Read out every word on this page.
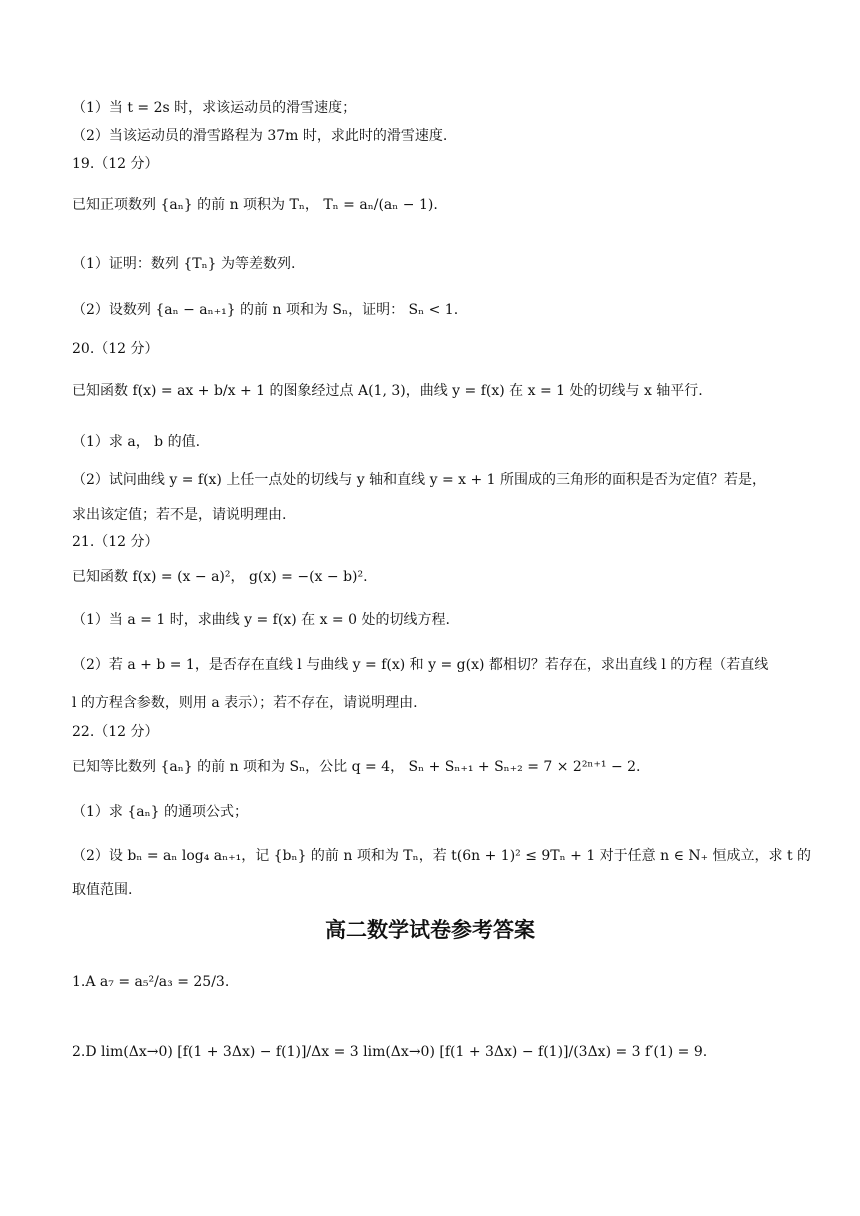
（1）当 t = 2s 时，求该运动员的滑雪速度；
（2）当该运动员的滑雪路程为 37m 时，求此时的滑雪速度.
19.（12 分）
已知正项数列 {aₙ} 的前 n 项积为 Tₙ， Tₙ = aₙ/(aₙ − 1).
（1）证明：数列 {Tₙ} 为等差数列.
（2）设数列 {aₙ − aₙ₊₁} 的前 n 项和为 Sₙ，证明： Sₙ < 1.
20.（12 分）
已知函数 f(x) = ax + b/x + 1 的图象经过点 A(1, 3)，曲线 y = f(x) 在 x = 1 处的切线与 x 轴平行.
（1）求 a， b 的值.
（2）试问曲线 y = f(x) 上任一点处的切线与 y 轴和直线 y = x + 1 所围成的三角形的面积是否为定值？若是，
求出该定值；若不是，请说明理由.
21.（12 分）
已知函数 f(x) = (x − a)²， g(x) = −(x − b)².
（1）当 a = 1 时，求曲线 y = f(x) 在 x = 0 处的切线方程.
（2）若 a + b = 1，是否存在直线 l 与曲线 y = f(x) 和 y = g(x) 都相切？若存在，求出直线 l 的方程（若直线
l 的方程含参数，则用 a 表示）；若不存在，请说明理由.
22.（12 分）
已知等比数列 {aₙ} 的前 n 项和为 Sₙ，公比 q = 4， Sₙ + Sₙ₊₁ + Sₙ₊₂ = 7 × 2²ⁿ⁺¹ − 2.
（1）求 {aₙ} 的通项公式；
（2）设 bₙ = aₙ log₄ aₙ₊₁，记 {bₙ} 的前 n 项和为 Tₙ，若 t(6n + 1)² ≤ 9Tₙ + 1 对于任意 n ∈ N₊ 恒成立，求 t 的
取值范围.
高二数学试卷参考答案
1.A a₇ = a₅²/a₃ = 25/3.
2.D lim(Δx→0) [f(1 + 3Δx) − f(1)]/Δx = 3 lim(Δx→0) [f(1 + 3Δx) − f(1)]/(3Δx) = 3 f′(1) = 9.
